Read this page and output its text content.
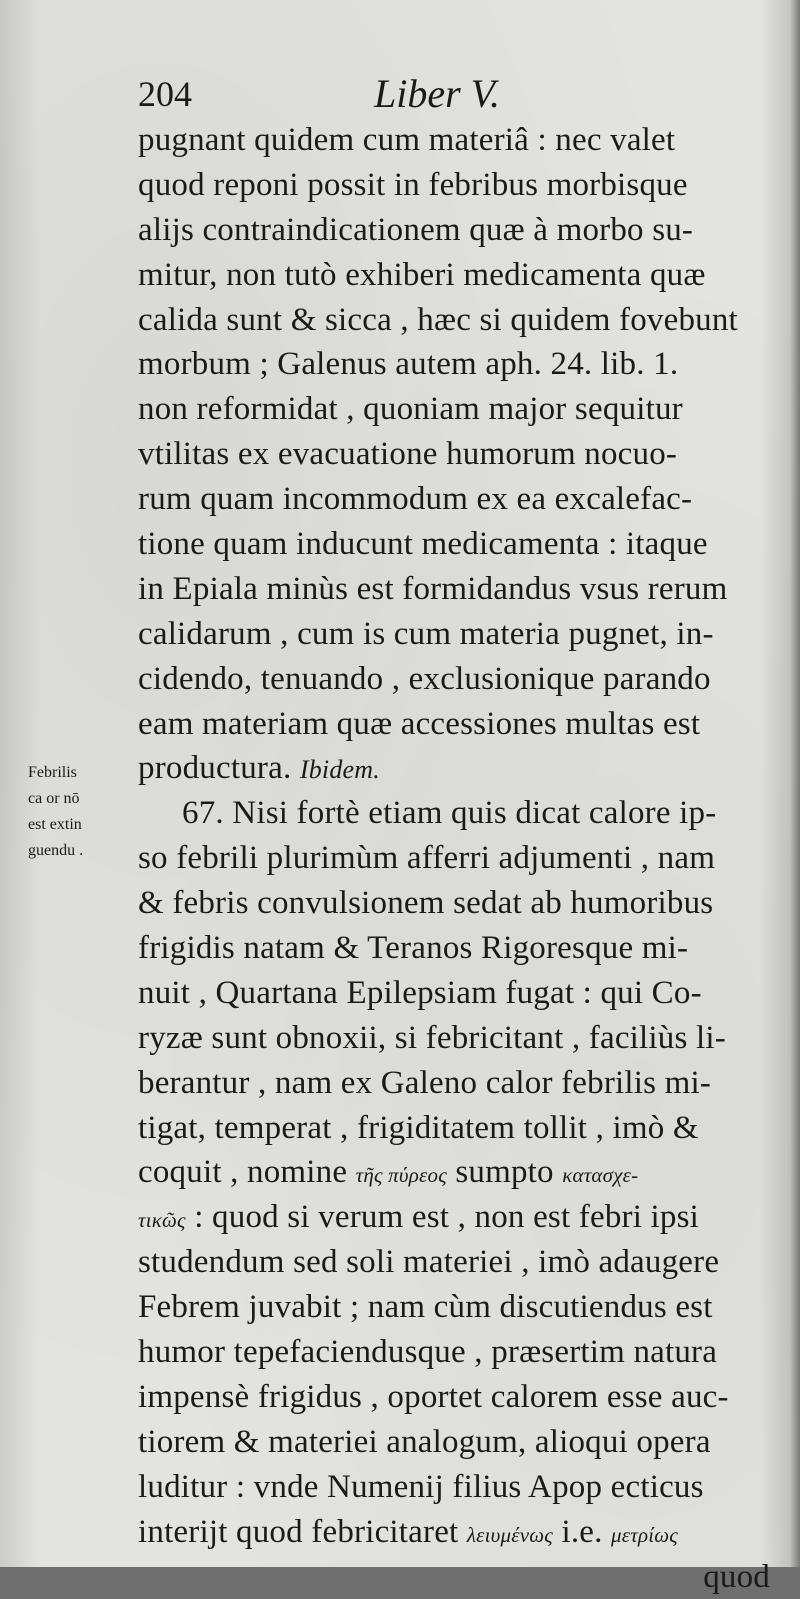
204	Liber V.
Febrilis
ca or nō
est extin
guendu .
pugnant quidem cum materiâ : nec valet
quod reponi possit in febribus morbisque
alijs contraindicationem quæ à morbo su-
mitur, non tutò exhiberi medicamenta quæ
calida sunt & sicca , hæc si quidem fovebunt
morbum ; Galenus autem aph. 24. lib. 1.
non reformidat , quoniam major sequitur
vtilitas ex evacuatione humorum nocuo-
rum quam incommodum ex ea excalefac-
tione quam inducunt medicamenta : itaque
in Epiala minùs est formidandus vsus rerum
calidarum , cum is cum materia pugnet, in-
cidendo, tenuando , exclusionique parando
eam materiam quæ accessiones multas est
productura. Ibidem.
67. Nisi fortè etiam quis dicat calore ip-
so febrili plurimùm afferri adjumenti , nam
& febris convulsionem sedat ab humoribus
frigidis natam & Teranos Rigoresque mi-
nuit , Quartana Epilepsiam fugat : qui Co-
ryzæ sunt obnoxii, si febricitant , faciliùs li-
berantur , nam ex Galeno calor febrilis mi-
tigat, temperat , frigiditatem tollit , imò &
coquit , nomine τῆς πύρεος sumpto κατασχε-
τικῶς : quod si verum est , non est febri ipsi
studendum sed soli materiei , imò adaugere
Febrem juvabit ; nam cùm discutiendus est
humor tepefaciendusque , præsertim natura
impensè frigidus , oportet calorem esse auc-
tiorem & materiei analogum, alioqui opera
luditur : vnde Numenij filius Apop ecticus
interijt quod febricitaret λειυμένως i.e. μετρίως
quod
